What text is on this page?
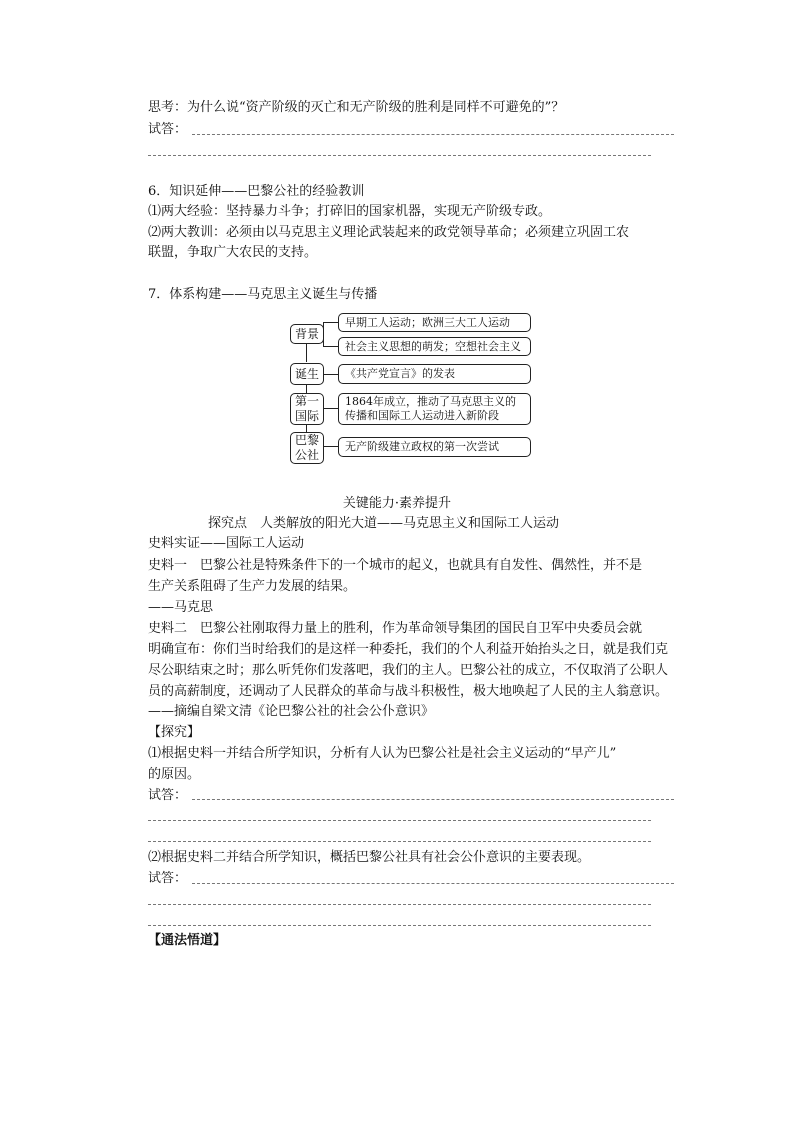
思考：为什么说“资产阶级的灭亡和无产阶级的胜利是同样不可避免的”？
试答：
6．知识延伸——巴黎公社的经验教训
⑴两大经验：坚持暴力斗争；打碎旧的国家机器，实现无产阶级专政。
⑵两大教训：必须由以马克思主义理论武装起来的政党领导革命；必须建立巩固工农
联盟，争取广大农民的支持。
7．体系构建——马克思主义诞生与传播
背景
诞生
第一
国际
巴黎
公社
早期工人运动；欧洲三大工人运动
社会主义思想的萌发；空想社会主义
《共产党宣言》的发表
1864年成立，推动了马克思主义的传播和国际工人运动进入新阶段
无产阶级建立政权的第一次尝试
关键能力·素养提升
探究点　人类解放的阳光大道——马克思主义和国际工人运动
史料实证——国际工人运动
史料一　巴黎公社是特殊条件下的一个城市的起义，也就具有自发性、偶然性，并不是
生产关系阻碍了生产力发展的结果。
——马克思
史料二　巴黎公社刚取得力量上的胜利，作为革命领导集团的国民自卫军中央委员会就
明确宣布：你们当时给我们的是这样一种委托，我们的个人利益开始抬头之日，就是我们克
尽公职结束之时；那么听凭你们发落吧，我们的主人。巴黎公社的成立，不仅取消了公职人
员的高薪制度，还调动了人民群众的革命与战斗积极性，极大地唤起了人民的主人翁意识。
——摘编自梁文清《论巴黎公社的社会公仆意识》
【探究】
⑴根据史料一并结合所学知识，分析有人认为巴黎公社是社会主义运动的“早产儿”
的原因。
试答：
⑵根据史料二并结合所学知识，概括巴黎公社具有社会公仆意识的主要表现。
试答：
【通法悟道】
